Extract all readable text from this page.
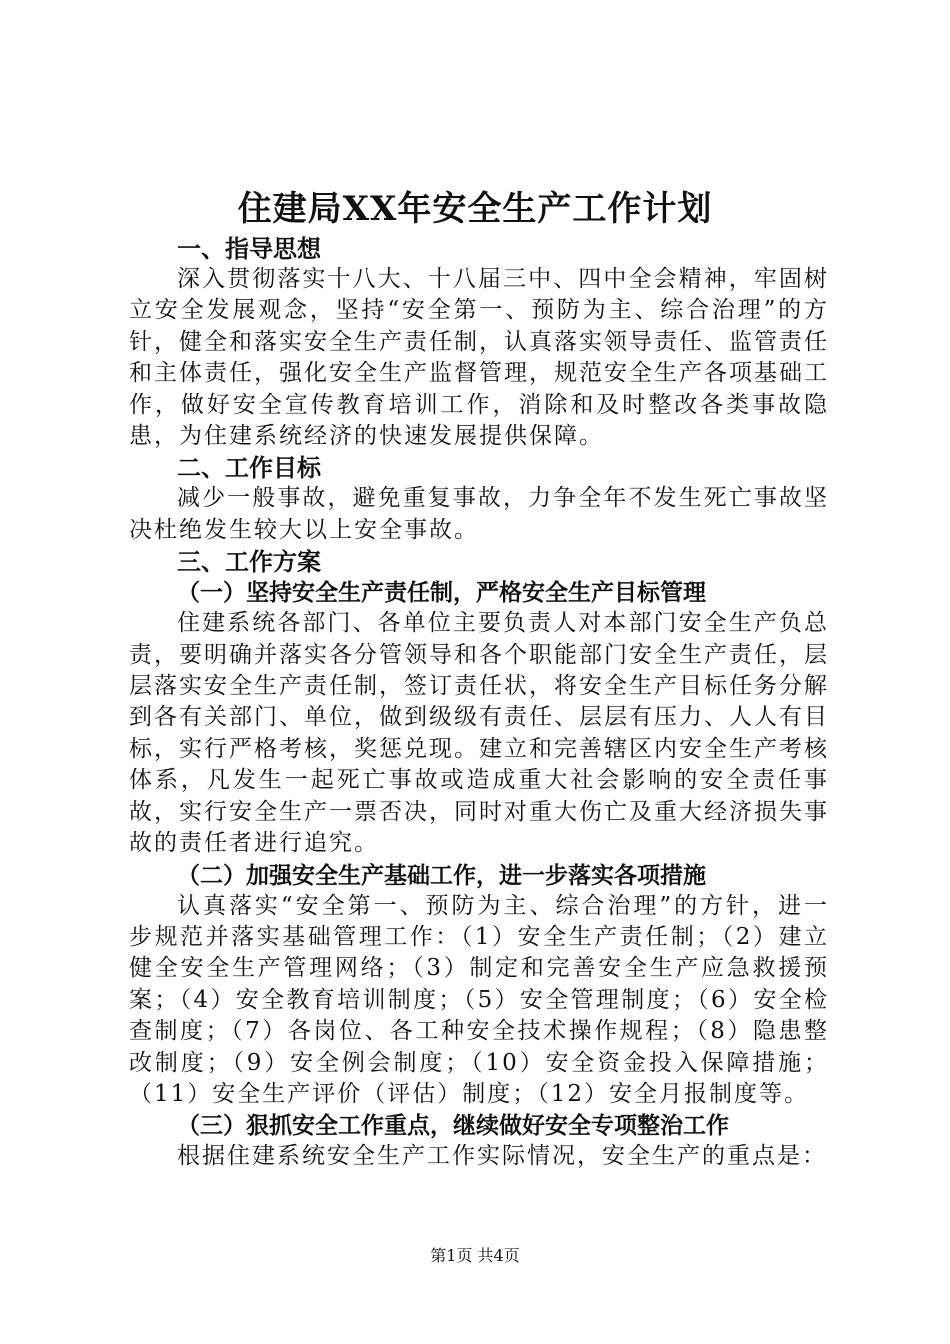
住建局XX年安全生产工作计划
一、指导思想

深入贯彻落实十八大、十八届三中、四中全会精神，牢固树立安全发展观念，坚持“安全第一、预防为主、综合治理”的方针，健全和落实安全生产责任制，认真落实领导责任、监管责任和主体责任，强化安全生产监督管理，规范安全生产各项基础工作，做好安全宣传教育培训工作，消除和及时整改各类事故隐患，为住建系统经济的快速发展提供保障。

二、工作目标

减少一般事故，避免重复事故，力争全年不发生死亡事故坚决杜绝发生较大以上安全事故。

三、工作方案
（一）坚持安全生产责任制，严格安全生产目标管理

住建系统各部门、各单位主要负责人对本部门安全生产负总责，要明确并落实各分管领导和各个职能部门安全生产责任，层层落实安全生产责任制，签订责任状，将安全生产目标任务分解到各有关部门、单位，做到级级有责任、层层有压力、人人有目标，实行严格考核，奖惩兑现。建立和完善辖区内安全生产考核体系，凡发生一起死亡事故或造成重大社会影响的安全责任事故，实行安全生产一票否决，同时对重大伤亡及重大经济损失事故的责任者进行追究。

（二）加强安全生产基础工作，进一步落实各项措施

认真落实“安全第一、预防为主、综合治理”的方针，进一步规范并落实基础管理工作：（1）安全生产责任制；（2）建立健全安全生产管理网络；（3）制定和完善安全生产应急救援预案；（4）安全教育培训制度；（5）安全管理制度；（6）安全检查制度；（7）各岗位、各工种安全技术操作规程；（8）隐患整改制度；（9）安全例会制度；（10）安全资金投入保障措施；（11）安全生产评价（评估）制度；（12）安全月报制度等。

（三）狠抓安全工作重点，继续做好安全专项整治工作

根据住建系统安全生产工作实际情况，安全生产的重点是：

第1页 共4页
